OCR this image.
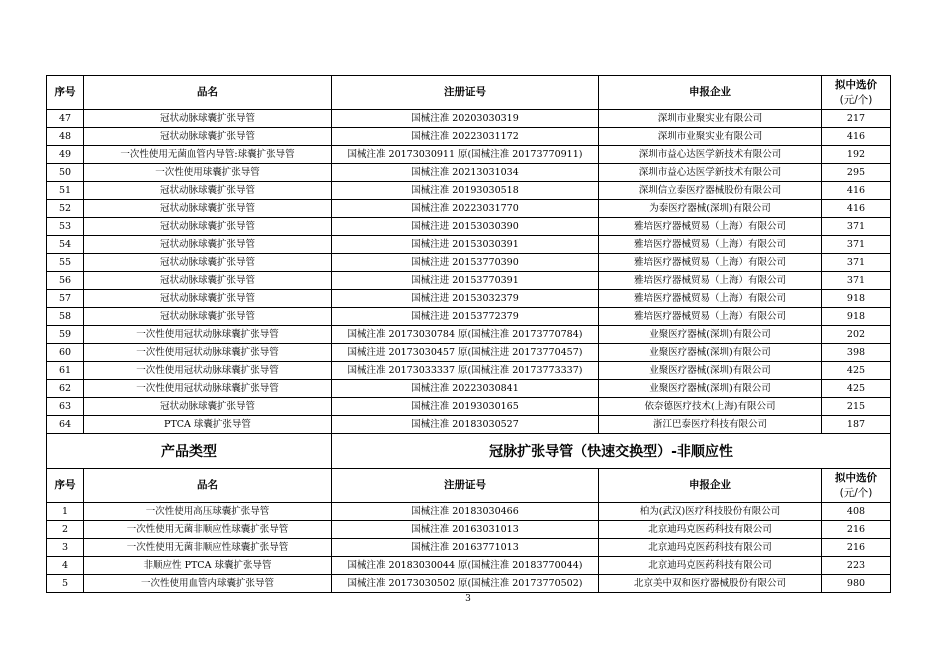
序号	品名	注册证号	申报企业	拟中选价
(元/个)

47	冠状动脉球囊扩张导管	国械注准 20203030319	深圳市业聚实业有限公司	217
48	冠状动脉球囊扩张导管	国械注准 20223031172	深圳市业聚实业有限公司	416
49	一次性使用无菌血管内导管:球囊扩张导管	国械注准 20173030911 原(国械注准 20173770911)	深圳市益心达医学新技术有限公司	192
50	一次性使用球囊扩张导管	国械注准 20213031034	深圳市益心达医学新技术有限公司	295
51	冠状动脉球囊扩张导管	国械注准 20193030518	深圳信立泰医疗器械股份有限公司	416
52	冠状动脉球囊扩张导管	国械注准 20223031770	为泰医疗器械(深圳)有限公司	416
53	冠状动脉球囊扩张导管	国械注进 20153030390	雅培医疗器械贸易（上海）有限公司	371
54	冠状动脉球囊扩张导管	国械注进 20153030391	雅培医疗器械贸易（上海）有限公司	371
55	冠状动脉球囊扩张导管	国械注进 20153770390	雅培医疗器械贸易（上海）有限公司	371
56	冠状动脉球囊扩张导管	国械注进 20153770391	雅培医疗器械贸易（上海）有限公司	371
57	冠状动脉球囊扩张导管	国械注进 20153032379	雅培医疗器械贸易（上海）有限公司	918
58	冠状动脉球囊扩张导管	国械注进 20153772379	雅培医疗器械贸易（上海）有限公司	918
59	一次性使用冠状动脉球囊扩张导管	国械注准 20173030784 原(国械注准 20173770784)	业聚医疗器械(深圳)有限公司	202
60	一次性使用冠状动脉球囊扩张导管	国械注进 20173030457 原(国械注进 20173770457)	业聚医疗器械(深圳)有限公司	398
61	一次性使用冠状动脉球囊扩张导管	国械注准 20173033337 原(国械注准 20173773337)	业聚医疗器械(深圳)有限公司	425
62	一次性使用冠状动脉球囊扩张导管	国械注准 20223030841	业聚医疗器械(深圳)有限公司	425
63	冠状动脉球囊扩张导管	国械注准 20193030165	依奈德医疗技术(上海)有限公司	215
64	PTCA 球囊扩张导管	国械注准 20183030527	浙江巴泰医疗科技有限公司	187
产品类型		冠脉扩张导管（快速交换型）-非顺应性		
序号	品名	注册证号	申报企业	拟中选价
(元/个)

1	一次性使用高压球囊扩张导管	国械注准 20183030466	柏为(武汉)医疗科技股份有限公司	408
2	一次性使用无菌非顺应性球囊扩张导管	国械注准 20163031013	北京迪玛克医药科技有限公司	216
3	一次性使用无菌非顺应性球囊扩张导管	国械注准 20163771013	北京迪玛克医药科技有限公司	216
4	非顺应性 PTCA 球囊扩张导管	国械注准 20183030044 原(国械注准 20183770044)	北京迪玛克医药科技有限公司	223
5	一次性使用血管内球囊扩张导管	国械注准 20173030502 原(国械注准 20173770502)	北京美中双和医疗器械股份有限公司	980
3
